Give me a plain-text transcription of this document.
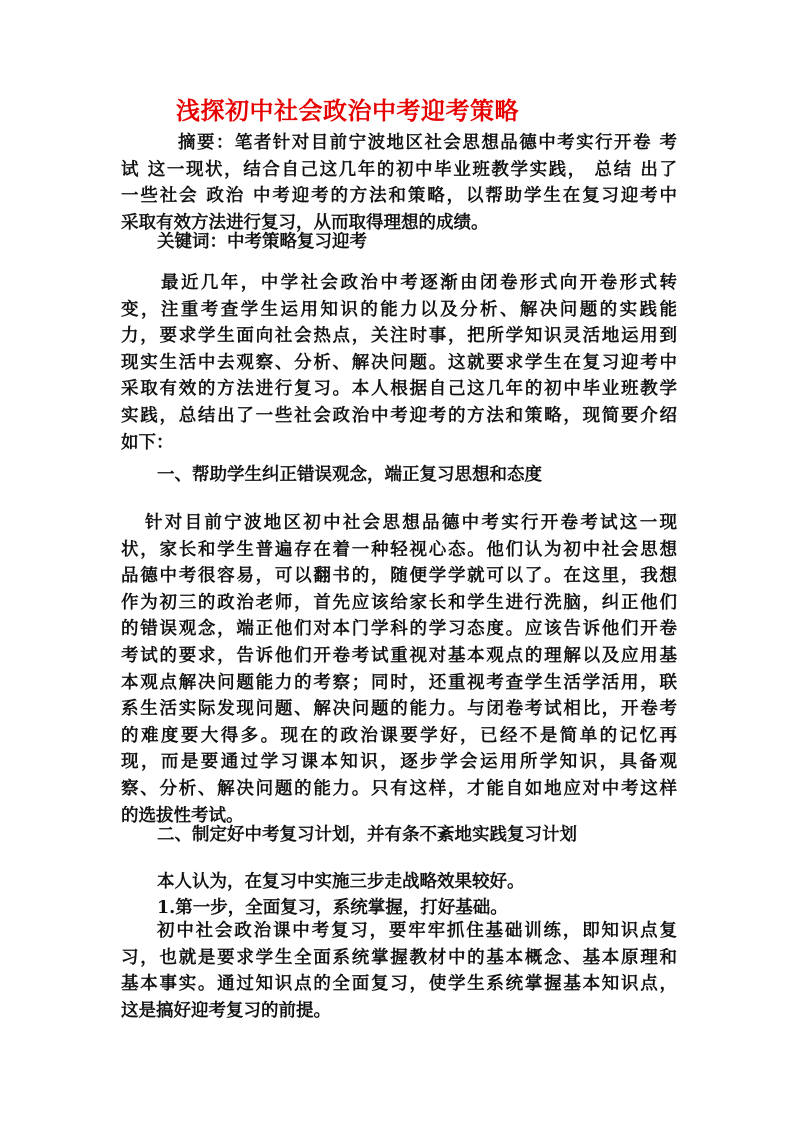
浅探初中社会政治中考迎考策略
摘要：笔者针对目前宁波地区社会思想品德中考实行开卷 考
试 这一现状，结合自己这几年的初中毕业班教学实践， 总结 出了
一些社会 政治 中考迎考的方法和策略，以帮助学生在复习迎考中
采取有效方法进行复习，从而取得理想的成绩。
关键词：中考策略复习迎考
最近几年，中学社会政治中考逐渐由闭卷形式向开卷形式转
变，注重考查学生运用知识的能力以及分析、解决问题的实践能
力，要求学生面向社会热点，关注时事，把所学知识灵活地运用到
现实生活中去观察、分析、解决问题。这就要求学生在复习迎考中
采取有效的方法进行复习。本人根据自己这几年的初中毕业班教学
实践，总结出了一些社会政治中考迎考的方法和策略，现简要介绍
如下：
一、帮助学生纠正错误观念，端正复习思想和态度
针对目前宁波地区初中社会思想品德中考实行开卷考试这一现
状，家长和学生普遍存在着一种轻视心态。他们认为初中社会思想
品德中考很容易，可以翻书的，随便学学就可以了。在这里，我想
作为初三的政治老师，首先应该给家长和学生进行洗脑，纠正他们
的错误观念，端正他们对本门学科的学习态度。应该告诉他们开卷
考试的要求，告诉他们开卷考试重视对基本观点的理解以及应用基
本观点解决问题能力的考察；同时，还重视考查学生活学活用，联
系生活实际发现问题、解决问题的能力。与闭卷考试相比，开卷考
的难度要大得多。现在的政治课要学好，已经不是简单的记忆再
现，而是要通过学习课本知识，逐步学会运用所学知识，具备观
察、分析、解决问题的能力。只有这样，才能自如地应对中考这样
的选拔性考试。
二、制定好中考复习计划，并有条不紊地实践复习计划
本人认为，在复习中实施三步走战略效果较好。
1.第一步，全面复习，系统掌握，打好基础。
初中社会政治课中考复习，要牢牢抓住基础训练，即知识点复
习，也就是要求学生全面系统掌握教材中的基本概念、基本原理和
基本事实。通过知识点的全面复习，使学生系统掌握基本知识点，
这是搞好迎考复习的前提。
